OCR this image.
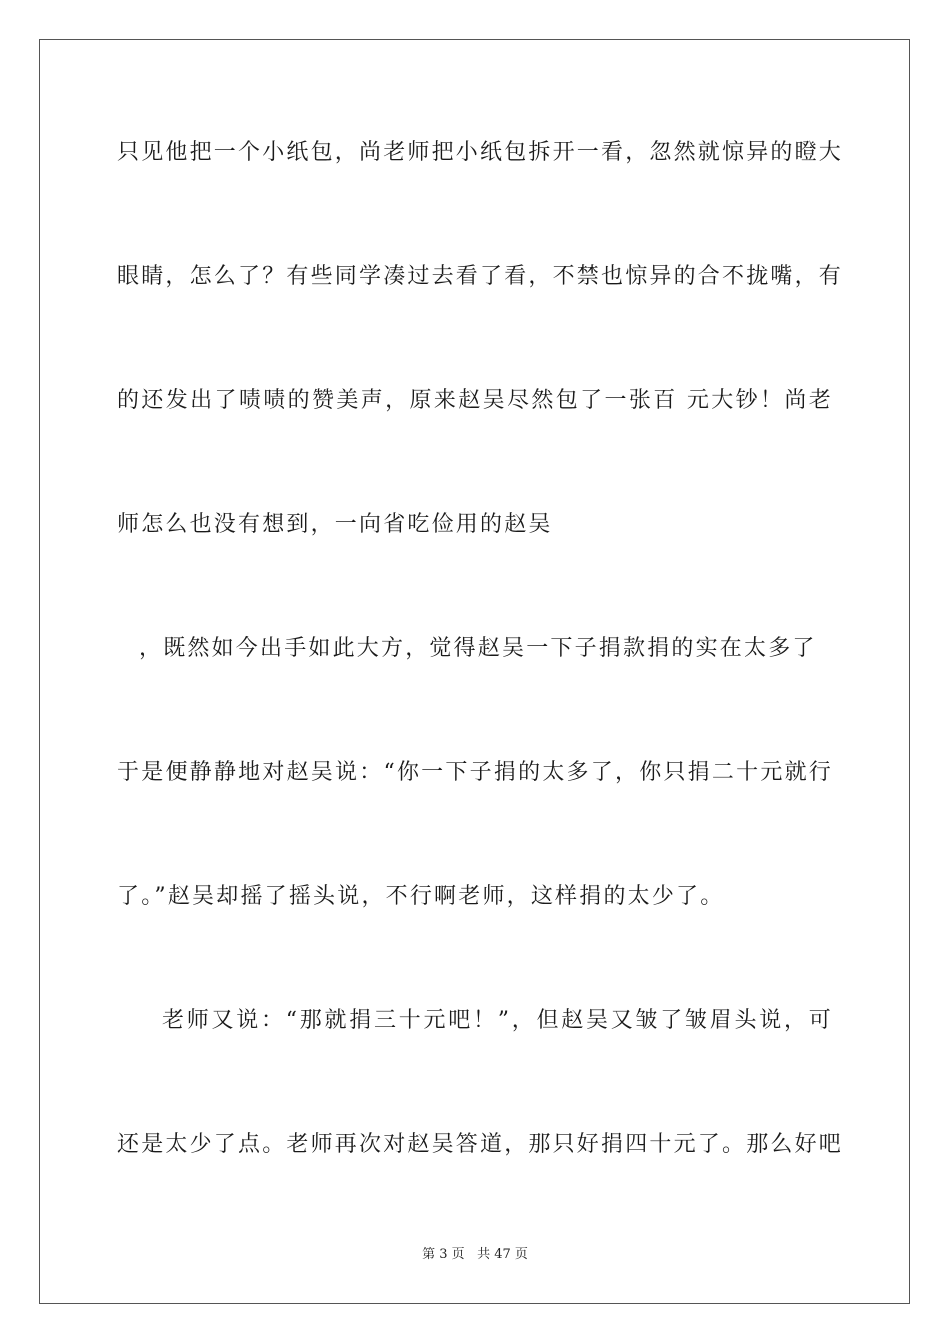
只见他把一个小纸包，尚老师把小纸包拆开一看，忽然就惊异的瞪大
眼睛，怎么了？有些同学凑过去看了看，不禁也惊异的合不拢嘴，有
的还发出了啧啧的赞美声，原来赵吴尽然包了一张百 元大钞！尚老
师怎么也没有想到，一向省吃俭用的赵吴
，既然如今出手如此大方，觉得赵吴一下子捐款捐的实在太多了
于是便静静地对赵吴说：“你一下子捐的太多了，你只捐二十元就行
了。”赵吴却摇了摇头说，不行啊老师，这样捐的太少了。
老师又说：“那就捐三十元吧！”，但赵吴又皱了皱眉头说，可
还是太少了点。老师再次对赵吴答道，那只好捐四十元了。那么好吧
第 3 页 共 47 页
